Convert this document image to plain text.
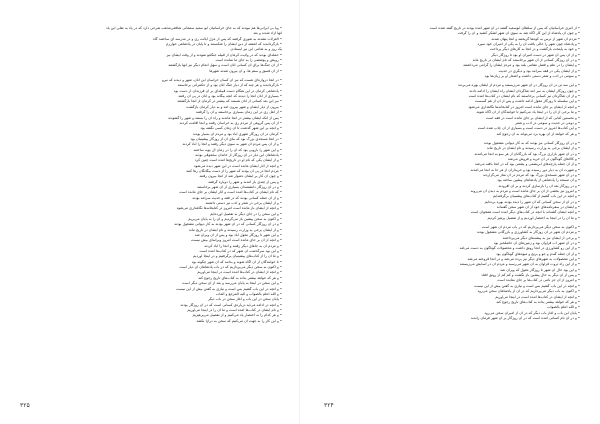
• وبا بی ایرانی‌ها‌ هم نبودند که به جاي خراسانیان ابو سعید سمعانی شافعی‌مذهب شرحي دارد که در یاد به نقلي این یاد
آنها آزاد شدند و بعد
• الغزلات نشدند به شوری گرفتند که پس از عزل ایالت ری و در مدرسه ای ساختند گاه
• بازگرداندند که آشفته از دین ايشان را شکستند و تا پایان در پادشاهی خوارزم
یک روز و به شامی ابن نیز ایستادن
• حمله‌ای بودند که در ولایت کرمان از قبیله جنگجو نمودند و از وقت ایشان نیز
• رویش و پوششی را به جای ما نمانده است
• از آن جنگ‌ها برای آن کسانی آنان است و سهل انجام دیگر نیز آنها بازگشتند
• از آن فسق و ستم ها، و آن بیرون شدند شهرها
• در آنجا دروازه‌ای هست که نیز آن کسان خراسان این آنان، شهر و دیدند که نیرو
• بازگرداندند و هر چند که از دیار جنگ آنان بود و از حکمرانی برخاستند
• پادشاهی کرمان در این هنگام دست قبیله‌ای بر آن فرزندان از دست بود
• بسیاری از آنان آنجا را دیدند که آنچه بیگانه بود و آنان در پی آن رفتند
• نیز این بعد کسانی از آنان هستند که بیشتر در کرمان از آنجا بازگشتند
• بیرون از دیار ایشان و شهر بیرون آمد و به دیار کرمان بازگشت
• از اهل ری در این زمان بسیاری برخاستند و آن را گرفتند
• پس از آنکه ایشان بیشتر در آنجا ماندند و راه آن را بستند و شهر را گشودند
• از آن پس گروهی از مردم ری به خراسان رفتند و آنجا اقامت کردند
• و آنچه بر این شهر گذشت تا آن زمان کسی نگفته بود
• کرمان در آن روزگار شهری آباد بود و مردم آن بسیار بودند
• در آنجا مسجدی بزرگ بود که بنای آن از روزگار پیشینیان بود
• و از آن پس مردم آن شهر به سوی دیگر رفتند و آنجا را آباد کردند
• و این شهر را بارویی بود که آن را در زمان آل بویه ساختند
• پادشاهان این دیار در آن روزگار از خاندان سلجوقی بودند
• و از ایشان یکی که نام او در تاریخ‌ها آمده است چنین کرد
• و آنچه از آثار ایشان مانده است در این شهر دیده می‌شود
• مردم آنجا در پی آن بودند که شهر را از دست بیگانگان رها کنند
• و چون آن کار بر ایشان دشوار شد از آنجا بیرون رفتند
• و پس از چندی باز آمدند و شهر را دوباره گرفتند
• و در آن روزگار دانشمندان بسیاری از آن شهر برخاستند
• که نام ایشان در کتاب‌ها آمده است و آثار ایشان بر جای مانده است
• و از آن جمله کسانی بودند که در فقه و حدیث سرآمد بودند
• و از ایشان برخی در شعر و ادب نیز دستی داشتند
• و آنچه از ایشان باز مانده است امروز در کتابخانه‌ها نگاهداری می‌شود
• و این سخن را در جای دیگر به تفصیل آورده‌ایم
• و اکنون به سخن پیشین باز می‌گردیم و آن را به پایان می‌بریم
• و در آن روزگار کسانی که در آن شهر بودند به کار دیوانی مشغول بودند
• و از ایشان برخی به وزارت رسیدند و نام ایشان در تاریخ ماند
• و این شهر تا روزگار مغول آباد بود و پس از آن ویران شد
• و آنچه از آن بر جای مانده است امروز ویرانه‌ای بیش نیست
• و مردم آن به جاهای دیگر رفتند و آنجا را آباد کردند
• و این بود سرگذشت آن شهر که در کتاب‌ها آمده است
• و ما آن را از کتاب‌های پیشینیان برگرفتیم و در اینجا آوردیم
• تا خوانندگان از آن آگاه شوند و بدانند که آن شهر چگونه بود
• و اکنون به سخن دیگر می‌پردازیم که در باب پادشاهان آن دیار است
• و آنچه از ایشان در کتاب‌ها آمده است در اینجا می‌آوریم
• و هر که خواهد بیشتر بداند به کتاب‌های تاریخ رجوع کند
• و این سخن در اینجا به پایان می‌رسد و بعد از آن سخن دیگر است
• و آنچه در این باب گفتیم بس است و نیازی به گفتن بیش از این نیست
• و الله اعلم بالصواب و الیه المرجع و المآب
• پایان سخن در این باب و آغاز سخن در باب دیگر
• و آنچه در ادامه می‌آید درباره‌ی کسانی است که در آن روزگار بودند
• و نام ایشان در کتاب‌ها آمده است و ما آن را در اینجا می‌آوریم
• و هر کدام را به اختصار یاد می‌کنیم و از تفصیل می‌پرهیزیم
• و این کار را به جهت آن می‌کنیم که سخن به درازا نکشد
۳۲۵
• از آمری خراسانیان که پس از سلطان ابوسعید گفتند در آن شهر آمده بودند در تاریخ گفته شده است
• و چون آن پادشاه از این کار آگاه شد به سوی آن شهر لشکر کشید و آن را گرفت
• مردم آن شهر از ترس به کوه‌ها گریختند و آنجا پنهان شدند
• و پادشاه چون شهر را خالی یافت آن را به یکی از امیران خود سپرد
• و خود به پایتخت بازگشت و در آنجا به کارهای دیگر پرداخت
• و از آن پس آن شهر در دست امیران او بود تا روزگار دیگر
• و در آن روزگار کسانی از آن شهر برخاستند که نام ایشان در تاریخ ماند
• و ایشان را در علم و فضل مقامی بلند بود و مردم ایشان را گرامی می‌داشتند
• و از ایشان یکی در فقه سرآمد بود و دیگری در حدیث
• و سومی در ادب و شعر دستی داشت و اشعار او بر زبان‌ها بود
• و این سه تن در آن روزگار در آن شهر می‌زیستند و مردم از ایشان بهره می‌بردند
• و چون روزگار ایشان به سر آمد شاگردان ایشان راه ایشان را ادامه دادند
• و از آن شاگردان نیز کسانی برخاستند که نام ایشان در کتاب‌ها آمده است
• و این سلسله تا روزگار مغول ادامه داشت و پس از آن از هم گسست
• و آنچه از ایشان بر جای مانده است امروز در کتابخانه‌ها نگاهداری می‌شود
• و ما برخی از آن را در اینجا یاد می‌کنیم تا خوانندگان از آن آگاه شوند
• و نخستین کتابی که از ایشان بر جای مانده است در فقه است
• و دومی در حدیث و سومی در ادب و شعر
• و این کتاب‌ها امروز در دست است و بسیاری از آن چاپ شده است
• و هر که خواهد از آن بهره برد می‌تواند به آن رجوع کند
• و در آن روزگار کسانی نیز بودند که به کار دیوانی مشغول بودند
• و از ایشان برخی به وزارت رسیدند و نام ایشان در تاریخ ماند
• و در آن شهر بازاری بزرگ بود که بازرگانان از هر سو به آنجا می‌آمدند
• و کالاهای گوناگون در آن خرید و فروش می‌شد
• و از آن جمله پارچه‌های ابریشمی و پشمی بود که در آنجا بافته می‌شد
• و شهرت آن به دیار دور رسیده بود و خریداران از هر جا به آنجا می‌آمدند
• و در آن شهر مسجدی بزرگ بود که مردم در آن نماز می‌گزاردند
• و آن مسجد را پادشاهی از پادشاهان پیشین ساخته بود
• و در روزگار بعد آن را بازسازی کردند و بر آن افزودند
• و امروز نیز بخشی از آن بر جای مانده است و مردم به دیدن آن می‌روند
• و آنچه در این باب گفتیم از کتاب‌های پیشینیان برگرفته‌ایم
• و در آن از سخن کسانی که آن شهر را دیده بودند بهره برده‌ایم
• و ایشان در سفرنامه‌های خود از آن شهر سخن گفته‌اند
• و آنچه ایشان گفته‌اند با آنچه در کتاب‌های دیگر آمده است همخوان است
• و ما آن را در اینجا به اختصار آوردیم و از تفصیل پرهیز کردیم
• و اکنون به سخن دیگر می‌پردازیم که در باب مردم آن شهر است
• و مردم آن شهر در آن روزگار به کشاورزی و بازرگانی مشغول بودند
• و برخی از ایشان نیز به پیشه‌های دیگر می‌پرداختند
• و در آن شهر آب فراوان بود و زمین‌های آن حاصلخیز بود
• و از این رو کشاورزی در آنجا رونق داشت و محصولات گوناگون به دست می‌آمد
• و از آن جمله گندم و جو و برنج و میوه‌های گوناگون بود
• و این محصولات به شهرهای دیگر نیز برده می‌شد و در آنجا فروخته می‌شد
• و از این راه ثروت فراوان به آن شهر می‌رسید و مردم آن در آسایش می‌زیستند
• و این بود حال آن شهر تا روزگار مغول که ویران شد
• و پس از آن دیگر به حال پیشین باز نگشت و کم کم از رونق افتاد
• و امروز از آن جز نامی در کتاب‌ها بر جای نمانده است
• و آنچه در این باب گفتیم بس است و نیازی به گفتن بیش از این نیست
• و اکنون به باب دیگر می‌پردازیم که در آن از پادشاهان سخن می‌رود
• و آنچه از ایشان در کتاب‌ها آمده است در اینجا می‌آوریم
• و هر که خواهد بیشتر بداند به کتاب‌های تاریخ رجوع کند
• و الله اعلم بالصواب
• پایان این باب و آغاز باب دیگر که در آن از امیران سخن می‌رود
• و در آن نام کسانی آمده است که در آن روزگار بر آن شهر فرمان راندند
۳۲۴
